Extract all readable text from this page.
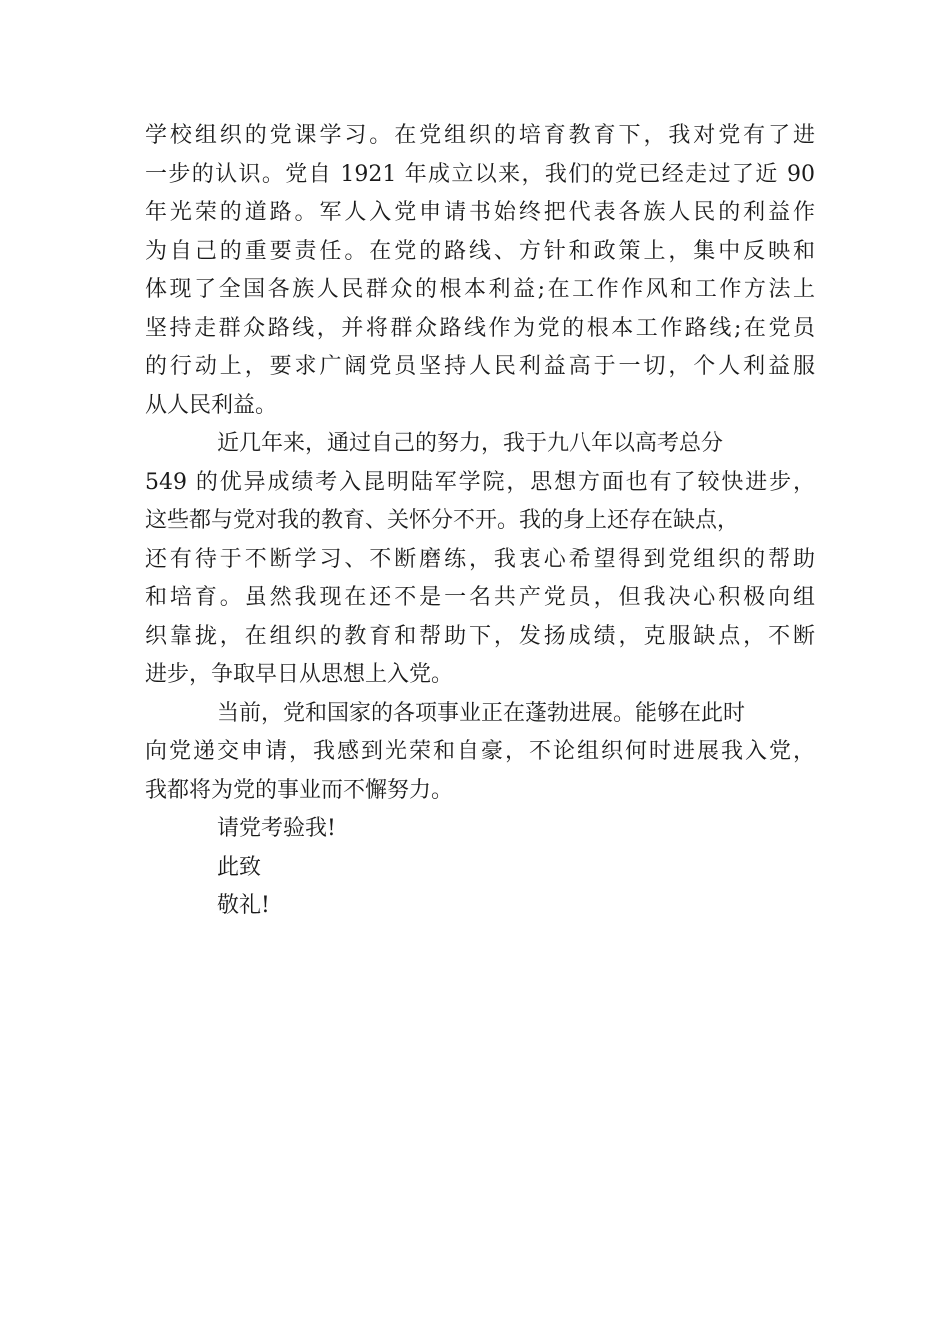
学校组织的党课学习。在党组织的培育教育下，我对党有了进
一步的认识。党自 1921 年成立以来，我们的党已经走过了近 90
年光荣的道路。军人入党申请书始终把代表各族人民的利益作
为自己的重要责任。在党的路线、方针和政策上，集中反映和
体现了全国各族人民群众的根本利益;在工作作风和工作方法上
坚持走群众路线，并将群众路线作为党的根本工作路线;在党员
的行动上，要求广阔党员坚持人民利益高于一切，个人利益服
从人民利益。
近几年来，通过自己的努力，我于九八年以高考总分
549 的优异成绩考入昆明陆军学院，思想方面也有了较快进步，
这些都与党对我的教育、关怀分不开。我的身上还存在缺点，
还有待于不断学习、不断磨练，我衷心希望得到党组织的帮助
和培育。虽然我现在还不是一名共产党员，但我决心积极向组
织靠拢，在组织的教育和帮助下，发扬成绩，克服缺点，不断
进步，争取早日从思想上入党。
当前，党和国家的各项事业正在蓬勃进展。能够在此时
向党递交申请，我感到光荣和自豪，不论组织何时进展我入党，
我都将为党的事业而不懈努力。
请党考验我!
此致
敬礼!
